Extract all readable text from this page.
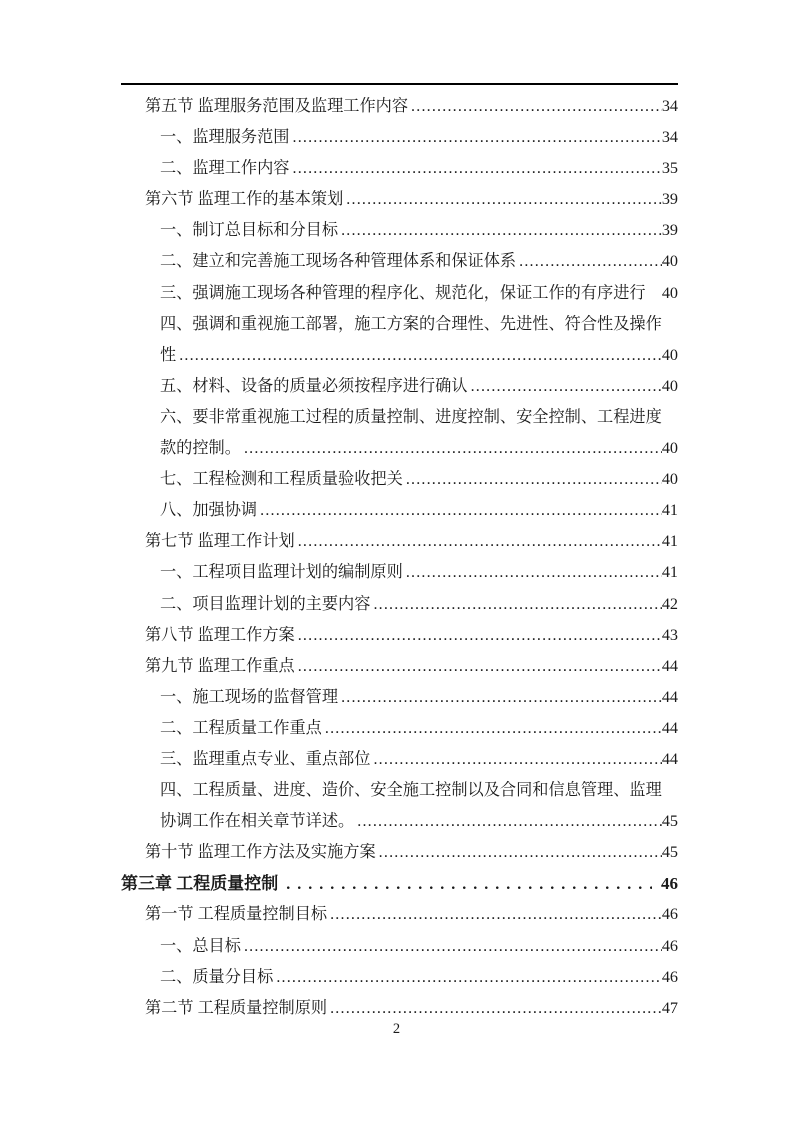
第五节 监理服务范围及监理工作内容 .....	34
一、监理服务范围 .....	34
二、监理工作内容 .....	35
第六节 监理工作的基本策划 .....	39
一、制订总目标和分目标 .....	39
二、建立和完善施工现场各种管理体系和保证体系 .....	40
三、强调施工现场各种管理的程序化、规范化，保证工作的有序进行 40
四、强调和重视施工部署，施工方案的合理性、先进性、符合性及操作
性 .....	40
五、材料、设备的质量必须按程序进行确认 .....	40
六、要非常重视施工过程的质量控制、进度控制、安全控制、工程进度
款的控制。 .....	40
七、工程检测和工程质量验收把关 .....	40
八、加强协调 .....	41
第七节 监理工作计划 .....	41
一、工程项目监理计划的编制原则 .....	41
二、项目监理计划的主要内容 .....	42
第八节 监理工作方案 .....	43
第九节 监理工作重点 .....	44
一、施工现场的监督管理 .....	44
二、工程质量工作重点 .....	44
三、监理重点专业、重点部位 .....	44
四、工程质量、进度、造价、安全施工控制以及合同和信息管理、监理
协调工作在相关章节详述。 .....	45
第十节 监理工作方法及实施方案 .....	45
第三章 工程质量控制 .....	46
第一节 工程质量控制目标 .....	46
一、总目标 .....	46
二、质量分目标 .....	46
第二节 工程质量控制原则 .....	47
2
